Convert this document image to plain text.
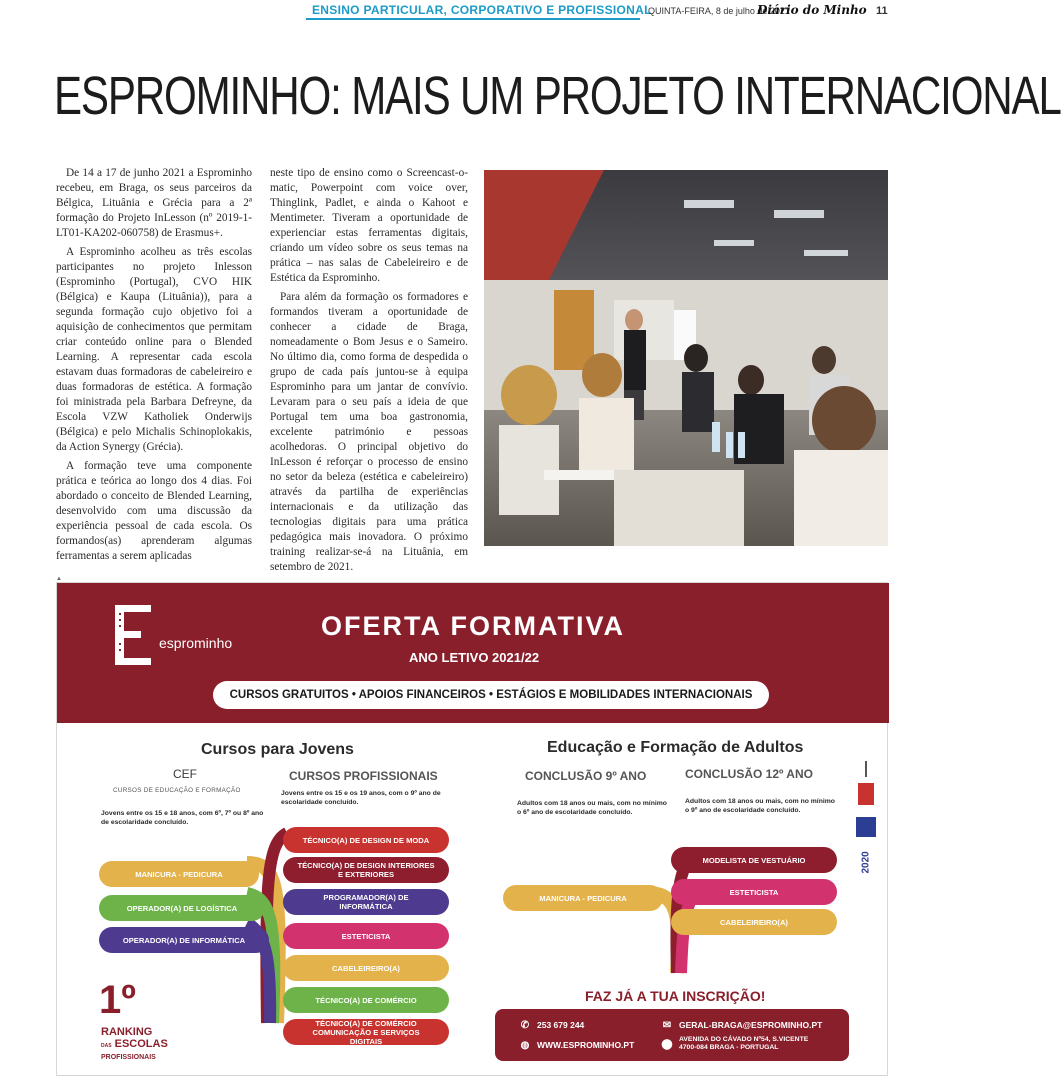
ENSINO PARTICULAR, CORPORATIVO E PROFISSIONAL
QUINTA-FEIRA, 8 de julho de 2021
Diário do Minho 11
ESPROMINHO: MAIS UM PROJETO INTERNACIONAL

De 14 a 17 de junho 2021 a Esprominho recebeu, em Braga, os seus parceiros da Bélgica, Lituânia e Grécia para a 2ª formação do Projeto InLesson (nº 2019-1-LT01-KA202-060758) de Erasmus+.

A Esprominho acolheu as três escolas participantes no projeto Inlesson (Esprominho (Portugal), CVO HIK (Bélgica) e Kaupa (Lituânia)), para a segunda formação cujo objetivo foi a aquisição de conhecimentos que permitam criar conteúdo online para o Blended Learning. A representar cada escola estavam duas formadoras de cabeleireiro e duas formadoras de estética. A formação foi ministrada pela Barbara Defreyne, da Escola VZW Katholiek Onderwijs (Bélgica) e pelo Michalis Schinoplokakis, da Action Synergy (Grécia).

A formação teve uma componente prática e teórica ao longo dos 4 dias. Foi abordado o conceito de Blended Learning, desenvolvido com uma discussão da experiência pessoal de cada escola. Os formandos(as) aprenderam algumas ferramentas a serem aplicadas

neste tipo de ensino como o Screencast-o-matic, Powerpoint com voice over, Thinglink, Padlet, e ainda o Kahoot e Mentimeter. Tiveram a oportunidade de experienciar estas ferramentas digitais, criando um vídeo sobre os seus temas na prática – nas salas de Cabeleireiro e de Estética da Esprominho.

Para além da formação os formadores e formandos tiveram a oportunidade de conhecer a cidade de Braga, nomeadamente o Bom Jesus e o Sameiro. No último dia, como forma de despedida o grupo de cada país juntou-se à equipa Esprominho para um jantar de convívio. Levaram para o seu país a ideia de que Portugal tem uma boa gastronomia, excelente património e pessoas acolhedoras. O principal objetivo do InLesson é reforçar o processo de ensino no setor da beleza (estética e cabeleireiro) através da partilha de experiências internacionais e da utilização das tecnologias digitais para uma prática pedagógica mais inovadora. O próximo training realizar-se-á na Lituânia, em setembro de 2021.

▲
esprominho
OFERTA FORMATIVA
ANO LETIVO 2021/22
CURSOS GRATUITOS • APOIOS FINANCEIROS • ESTÁGIOS E MOBILIDADES INTERNACIONAIS
Cursos para Jovens
CEF
CURSOS DE EDUCAÇÃO E FORMAÇÃO
Jovens entre os 15 e 18 anos, com 6º, 7º ou 8º ano de escolaridade concluído.
CURSOS PROFISSIONAIS
Jovens entre os 15 e os 19 anos, com o 9º ano de escolaridade concluído.
MANICURA - PEDICURA
OPERADOR(A) DE LOGÍSTICA
OPERADOR(A) DE INFORMÁTICA
TÉCNICO(A) DE DESIGN DE MODA
TÉCNICO(A) DE DESIGN INTERIORES E EXTERIORES
PROGRAMADOR(A) DE INFORMÁTICA
ESTETICISTA
CABELEIREIRO(A)
TÉCNICO(A) DE COMÉRCIO
TÉCNICO(A) DE COMÉRCIO COMUNICAÇÃO E SERVIÇOS DIGITAIS
1º
RANKING
DAS ESCOLAS
PROFISSIONAIS
Educação e Formação de Adultos
CONCLUSÃO 9º ANO
Adultos com 18 anos ou mais, com no mínimo o 6º ano de escolaridade concluído.
CONCLUSÃO 12º ANO
Adultos com 18 anos ou mais, com no mínimo o 9º ano de escolaridade concluído.
MANICURA - PEDICURA
MODELISTA DE VESTUÁRIO
ESTETICISTA
CABELEIREIRO(A)
2020
FAZ JÁ A TUA INSCRIÇÃO!
✆ 253 679 244
◍ WWW.ESPROMINHO.PT
✉ GERAL-BRAGA@ESPROMINHO.PT
⬤ AVENIDA DO CÁVADO Nº54, S.VICENTE
4700-084 BRAGA - PORTUGAL
